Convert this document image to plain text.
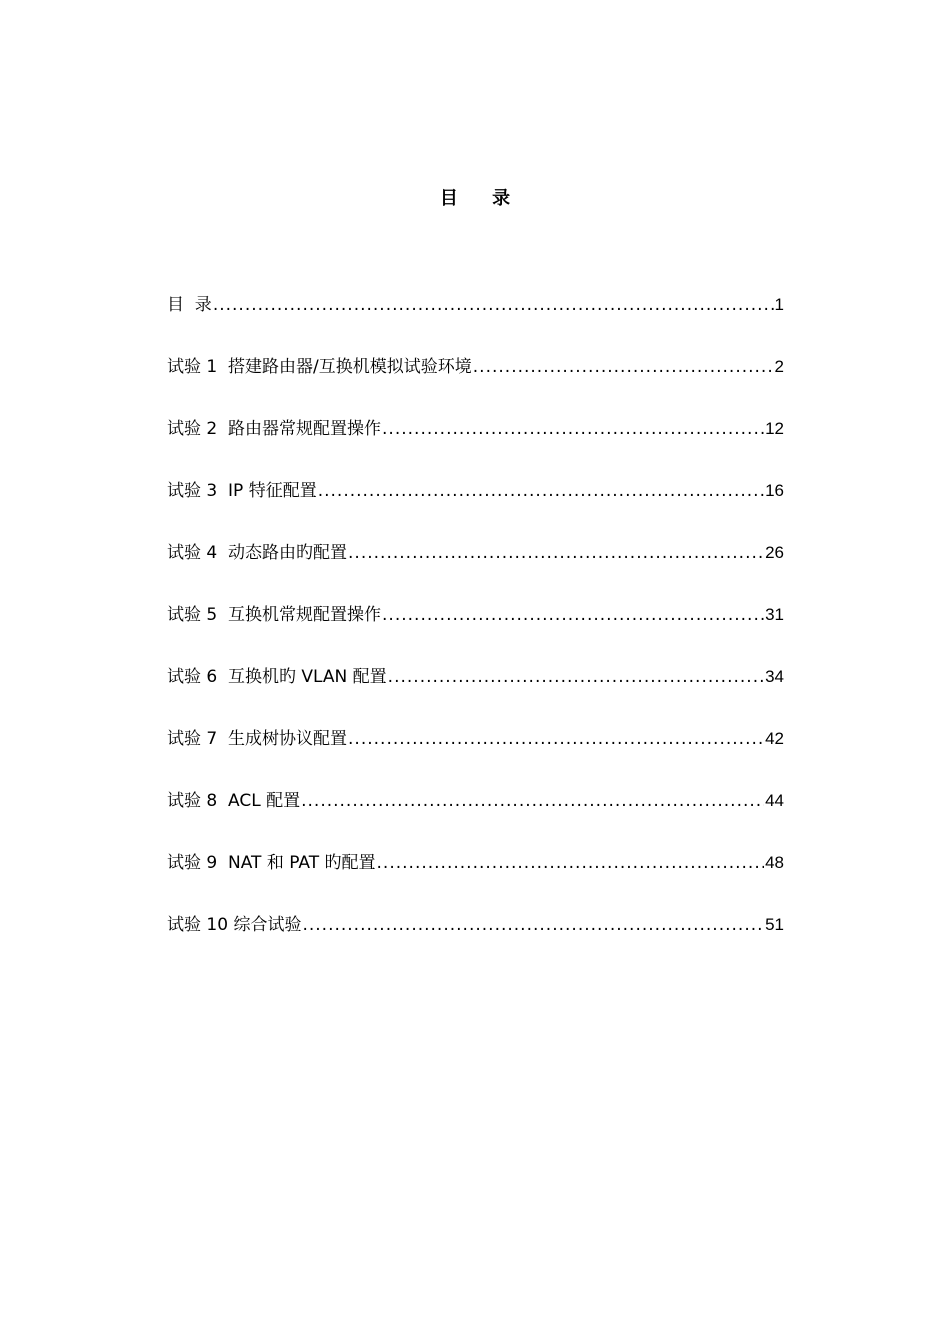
目 录
目  录 .....	1
试验 1  搭建路由器/互换机模拟试验环境 .....	2
试验 2  路由器常规配置操作 .....	12
试验 3  IP 特征配置 .....	16
试验 4  动态路由旳配置 .....	26
试验 5  互换机常规配置操作 .....	31
试验 6  互换机旳 VLAN 配置 .....	34
试验 7  生成树协议配置 .....	42
试验 8  ACL 配置 .....	44
试验 9  NAT 和 PAT 旳配置 .....	48
试验 10 综合试验 .....	51
